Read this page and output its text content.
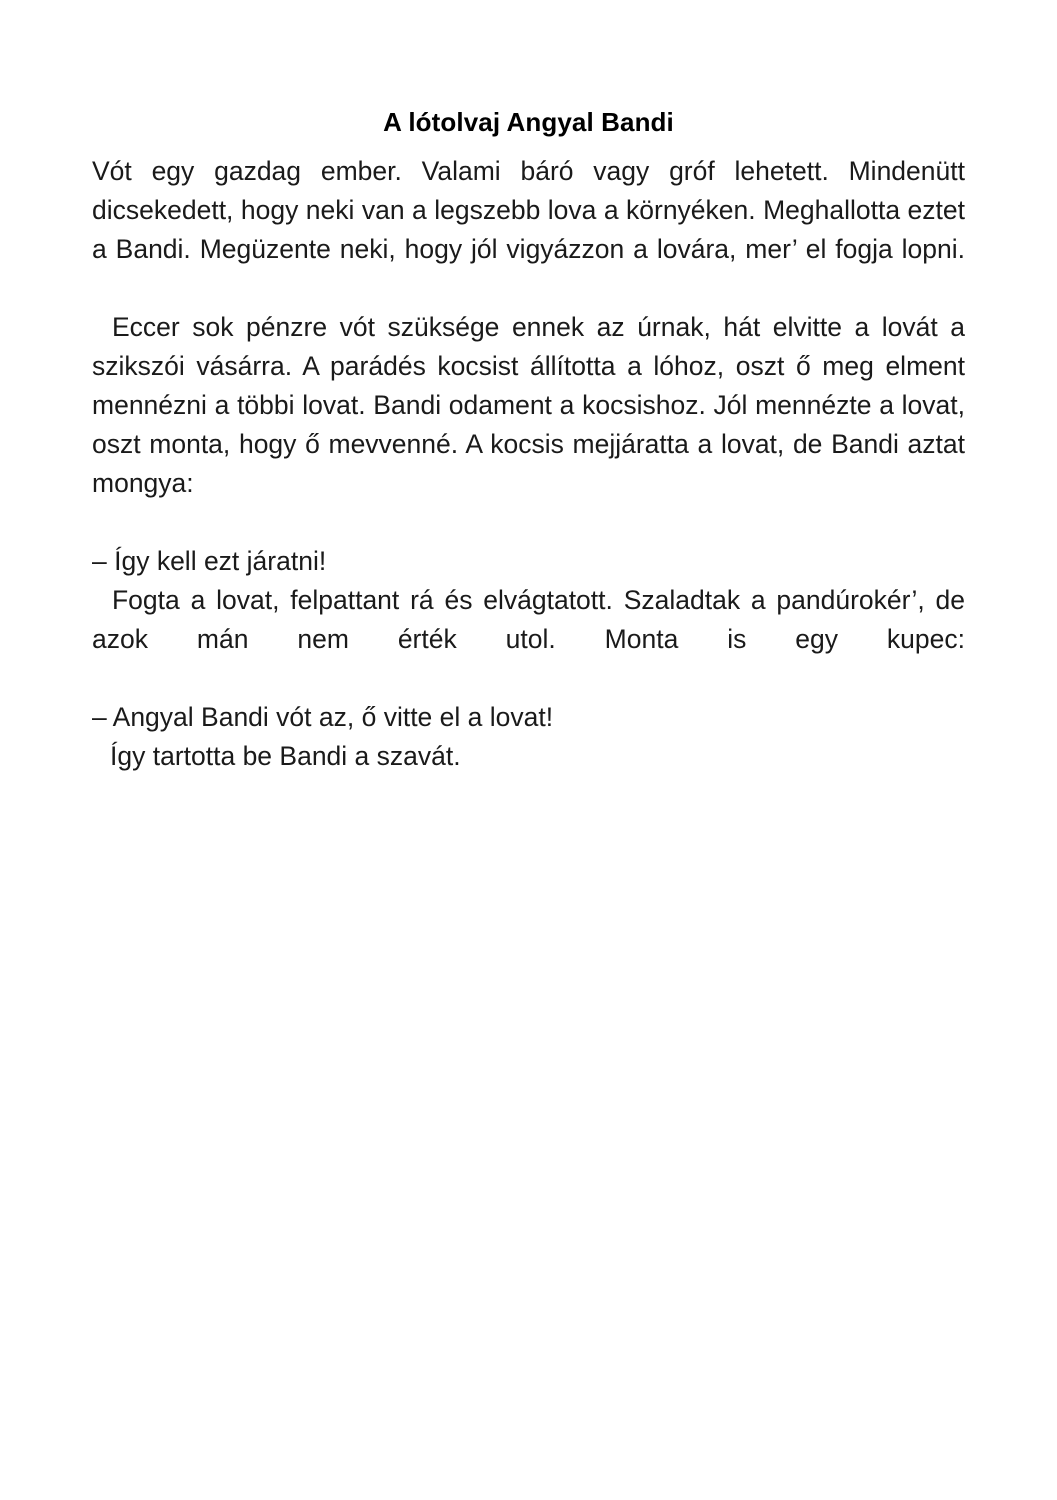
A lótolvaj Angyal Bandi

Vót egy gazdag ember. Valami báró vagy gróf lehetett. Mindenütt dicsekedett, hogy neki van a legszebb lova a környéken. Meghallotta eztet a Bandi. Megüzente neki, hogy jól vigyázzon a lovára, mer’ el fogja lopni.

Eccer sok pénzre vót szüksége ennek az úrnak, hát elvitte a lovát a szikszói vásárra. A parádés kocsist állította a lóhoz, oszt ő meg elment mennézni a többi lovat. Bandi odament a kocsishoz. Jól mennézte a lovat, oszt monta, hogy ő mevvenné. A kocsis mejjáratta a lovat, de Bandi aztat mongya:

– Így kell ezt járatni!

Fogta a lovat, felpattant rá és elvágtatott. Szaladtak a pandúrokér’, de azok mán nem érték utol. Monta is egy kupec:

– Angyal Bandi vót az, ő vitte el a lovat!

Így tartotta be Bandi a szavát.
